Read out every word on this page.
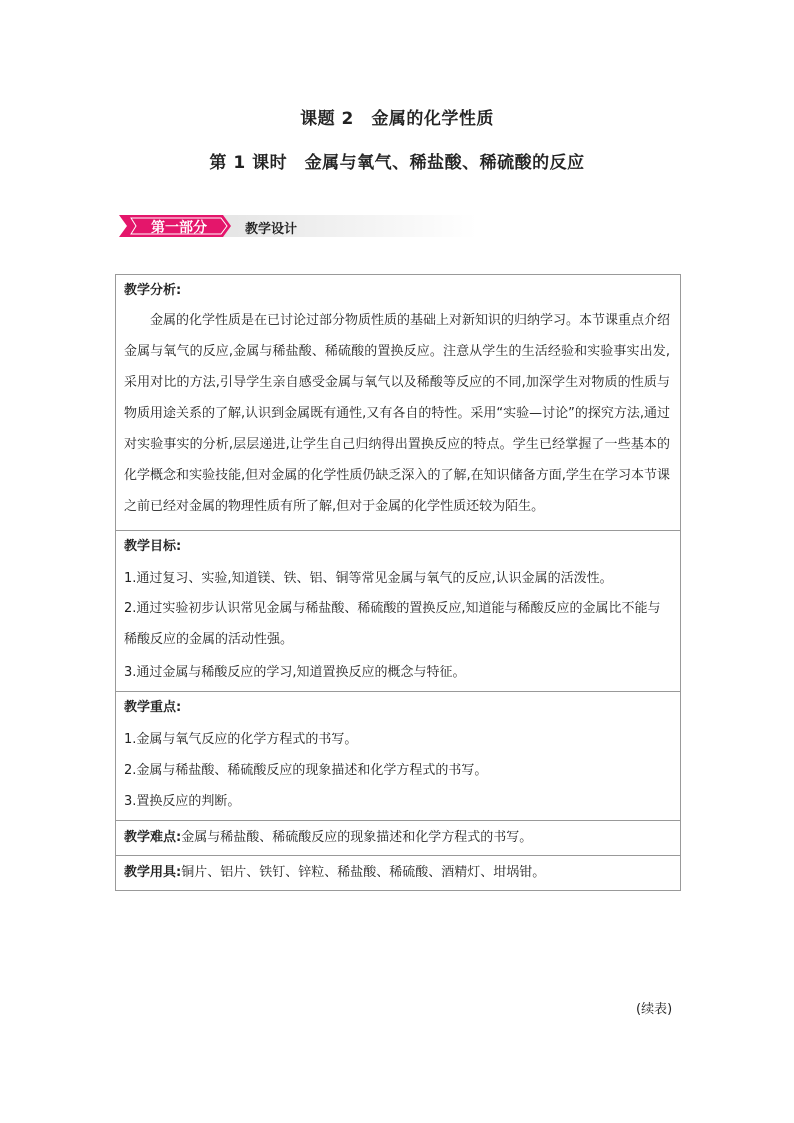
课题 2　金属的化学性质
第 1 课时　金属与氧气、稀盐酸、稀硫酸的反应
第一部分	教学设计
教学分析:

金属的化学性质是在已讨论过部分物质性质的基础上对新知识的归纳学习。本节课重点介绍金属与氧气的反应,金属与稀盐酸、稀硫酸的置换反应。注意从学生的生活经验和实验事实出发,采用对比的方法,引导学生亲自感受金属与氧气以及稀酸等反应的不同,加深学生对物质的性质与物质用途关系的了解,认识到金属既有通性,又有各自的特性。采用“实验—讨论”的探究方法,通过对实验事实的分析,层层递进,让学生自己归纳得出置换反应的特点。学生已经掌握了一些基本的化学概念和实验技能,但对金属的化学性质仍缺乏深入的了解,在知识储备方面,学生在学习本节课之前已经对金属的物理性质有所了解,但对于金属的化学性质还较为陌生。

教学目标:

1.通过复习、实验,知道镁、铁、铝、铜等常见金属与氧气的反应,认识金属的活泼性。

2.通过实验初步认识常见金属与稀盐酸、稀硫酸的置换反应,知道能与稀酸反应的金属比不能与稀酸反应的金属的活动性强。

3.通过金属与稀酸反应的学习,知道置换反应的概念与特征。

教学重点:

1.金属与氧气反应的化学方程式的书写。

2.金属与稀盐酸、稀硫酸反应的现象描述和化学方程式的书写。

3.置换反应的判断。

教学难点:金属与稀盐酸、稀硫酸反应的现象描述和化学方程式的书写。

教学用具:铜片、铝片、铁钉、锌粒、稀盐酸、稀硫酸、酒精灯、坩埚钳。
(续表)
